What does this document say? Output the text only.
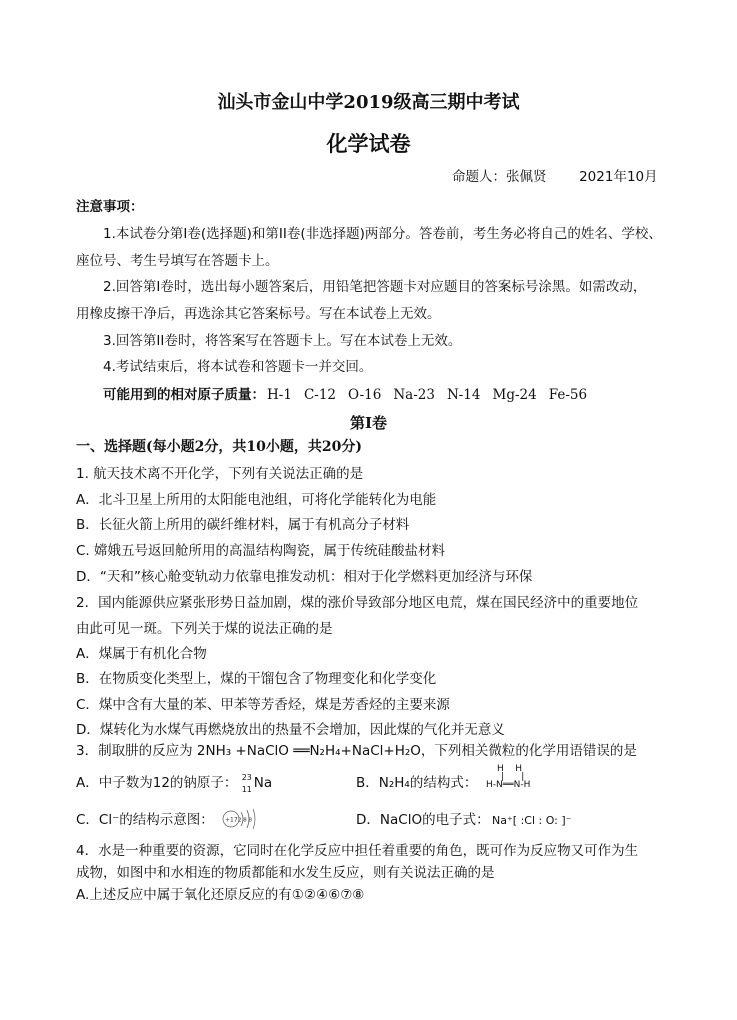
汕头市金山中学2019级高三期中考试
化学试卷
命题人：张佩贤 2021年10月
注意事项：
1.本试卷分第I卷(选择题)和第II卷(非选择题)两部分。答卷前，考生务必将自己的姓名、学校、
座位号、考生号填写在答题卡上。
2.回答第I卷时，选出每小题答案后，用铅笔把答题卡对应题目的答案标号涂黑。如需改动，
用橡皮擦干净后，再选涂其它答案标号。写在本试卷上无效。
3.回答第II卷时，将答案写在答题卡上。写在本试卷上无效。
4.考试结束后，将本试卷和答题卡一并交回。
可能用到的相对原子质量： H-1 C-12 O-16 Na-23 N-14 Mg-24 Fe-56
第I卷
一、选择题(每小题2分，共10小题，共20分)
1. 航天技术离不开化学，下列有关说法正确的是
A．北斗卫星上所用的太阳能电池组，可将化学能转化为电能
B．长征火箭上所用的碳纤维材料，属于有机高分子材料
C. 嫦娥五号返回舱所用的高温结构陶瓷，属于传统硅酸盐材料
D．“天和”核心舱变轨动力依靠电推发动机：相对于化学燃料更加经济与环保
2．国内能源供应紧张形势日益加剧，煤的涨价导致部分地区电荒，煤在国民经济中的重要地位
由此可见一斑。下列关于煤的说法正确的是
A．煤属于有机化合物
B．在物质变化类型上，煤的干馏包含了物理变化和化学变化
C．煤中含有大量的苯、甲苯等芳香烃，煤是芳香烃的主要来源
D．煤转化为水煤气再燃烧放出的热量不会增加，因此煤的气化并无意义
3．制取肼的反应为 2NH₃ +NaClO ══N₂H₄+NaCl+H₂O，下列相关微粒的化学用语错误的是
A．中子数为12的钠原子： 23
11 Na	B．N₂H₄的结构式：
H    H
|      |
H-N══N-H
C．Cl⁻的结构示意图： +17 2 8 8	D．NaClO的电子式： Na⁺[ :Cl : O: ]⁻
4．水是一种重要的资源，它同时在化学反应中担任着重要的角色，既可作为反应物又可作为生
成物，如图中和水相连的物质都能和水发生反应，则有关说法正确的是
A.上述反应中属于氧化还原反应的有①②④⑥⑦⑧
